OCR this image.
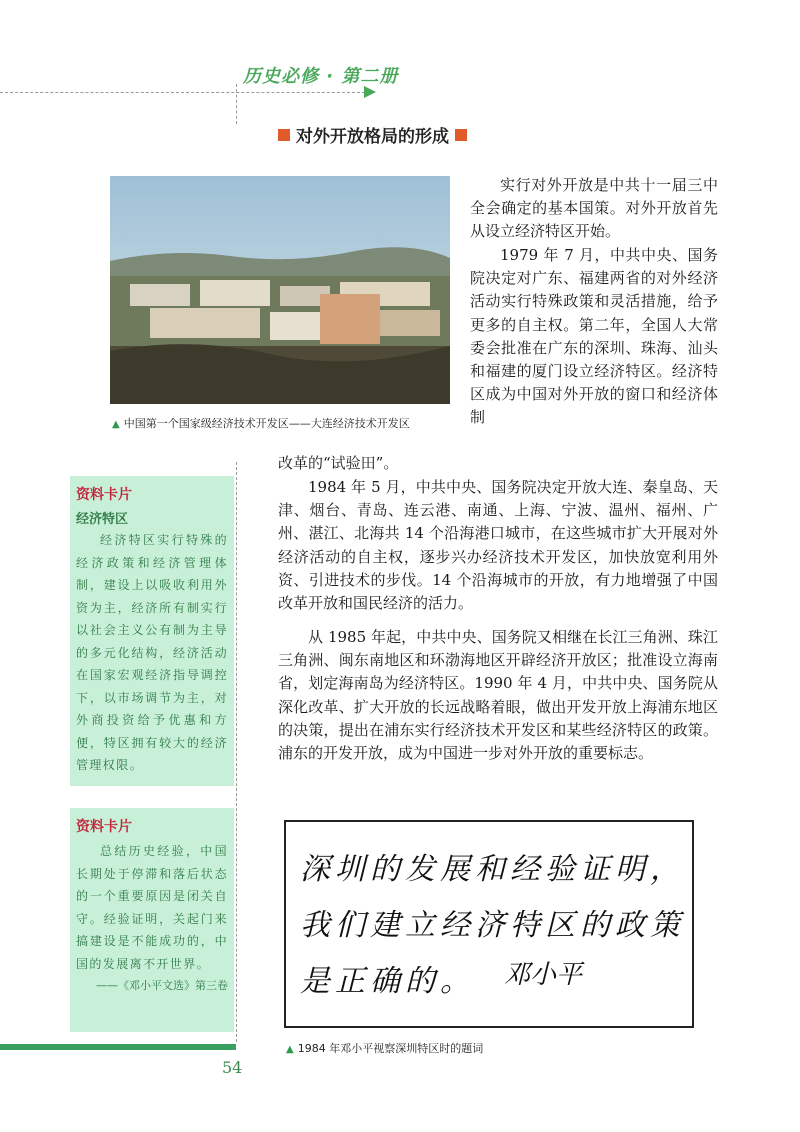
历史必修 · 第二册
对外开放格局的形成
▲ 中国第一个国家级经济技术开发区——大连经济技术开发区
实行对外开放是中共十一届三中全会确定的基本国策。对外开放首先从设立经济特区开始。
1979 年 7 月，中共中央、国务院决定对广东、福建两省的对外经济活动实行特殊政策和灵活措施，给予更多的自主权。第二年，全国人大常委会批准在广东的深圳、珠海、汕头和福建的厦门设立经济特区。经济特区成为中国对外开放的窗口和经济体制
改革的“试验田”。
1984 年 5 月，中共中央、国务院决定开放大连、秦皇岛、天津、烟台、青岛、连云港、南通、上海、宁波、温州、福州、广州、湛江、北海共 14 个沿海港口城市，在这些城市扩大开展对外经济活动的自主权，逐步兴办经济技术开发区，加快放宽利用外资、引进技术的步伐。14 个沿海城市的开放，有力地增强了中国改革开放和国民经济的活力。
从 1985 年起，中共中央、国务院又相继在长江三角洲、珠江三角洲、闽东南地区和环渤海地区开辟经济开放区；批准设立海南省，划定海南岛为经济特区。1990 年 4 月，中共中央、国务院从深化改革、扩大开放的长远战略着眼，做出开发开放上海浦东地区的决策，提出在浦东实行经济技术开发区和某些经济特区的政策。浦东的开发开放，成为中国进一步对外开放的重要标志。
资料卡片
经济特区
经济特区实行特殊的经济政策和经济管理体制，建设上以吸收利用外资为主，经济所有制实行以社会主义公有制为主导的多元化结构，经济活动在国家宏观经济指导调控下，以市场调节为主，对外商投资给予优惠和方便，特区拥有较大的经济管理权限。
资料卡片
总结历史经验，中国长期处于停滞和落后状态的一个重要原因是闭关自守。经验证明，关起门来搞建设是不能成功的，中国的发展离不开世界。
——《邓小平文选》第三卷
深圳的发展和经验证明，
我们建立经济特区的政策
是正确的。	邓小平
▲ 1984 年邓小平视察深圳特区时的题词
54
